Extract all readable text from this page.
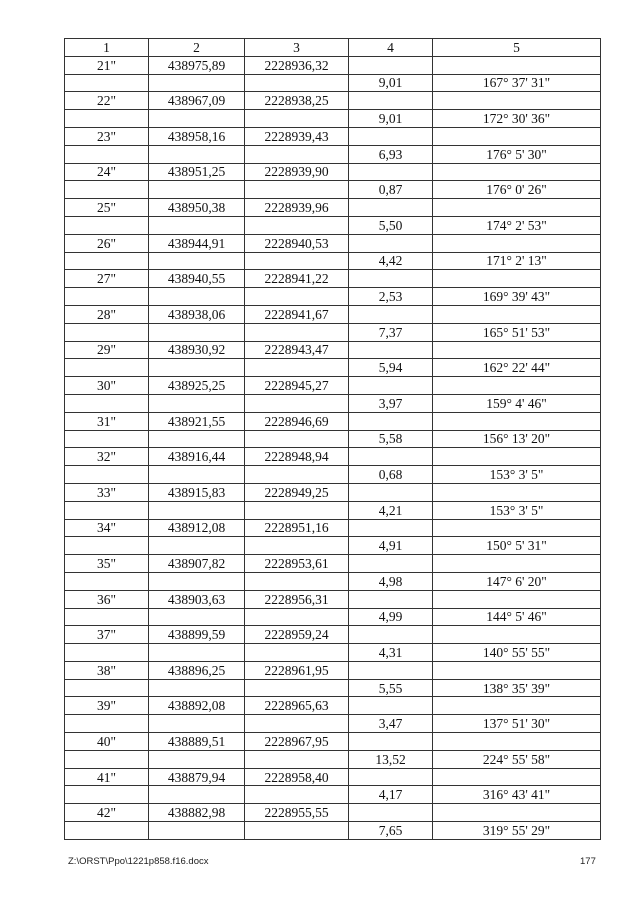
1	2	3	4	5
21"	438975,89	2228936,32		
			9,01	167° 37' 31"
22"	438967,09	2228938,25		
			9,01	172° 30' 36"
23"	438958,16	2228939,43		
			6,93	176° 5' 30"
24"	438951,25	2228939,90		
			0,87	176° 0' 26"
25"	438950,38	2228939,96		
			5,50	174° 2' 53"
26"	438944,91	2228940,53		
			4,42	171° 2' 13"
27"	438940,55	2228941,22		
			2,53	169° 39' 43"
28"	438938,06	2228941,67		
			7,37	165° 51' 53"
29"	438930,92	2228943,47		
			5,94	162° 22' 44"
30"	438925,25	2228945,27		
			3,97	159° 4' 46"
31"	438921,55	2228946,69		
			5,58	156° 13' 20"
32"	438916,44	2228948,94		
			0,68	153° 3' 5"
33"	438915,83	2228949,25		
			4,21	153° 3' 5"
34"	438912,08	2228951,16		
			4,91	150° 5' 31"
35"	438907,82	2228953,61		
			4,98	147° 6' 20"
36"	438903,63	2228956,31		
			4,99	144° 5' 46"
37"	438899,59	2228959,24		
			4,31	140° 55' 55"
38"	438896,25	2228961,95		
			5,55	138° 35' 39"
39"	438892,08	2228965,63		
			3,47	137° 51' 30"
40"	438889,51	2228967,95		
			13,52	224° 55' 58"
41"	438879,94	2228958,40		
			4,17	316° 43' 41"
42"	438882,98	2228955,55		
			7,65	319° 55' 29"
Z:\ORST\Ppo\1221p858.f16.docx	177
